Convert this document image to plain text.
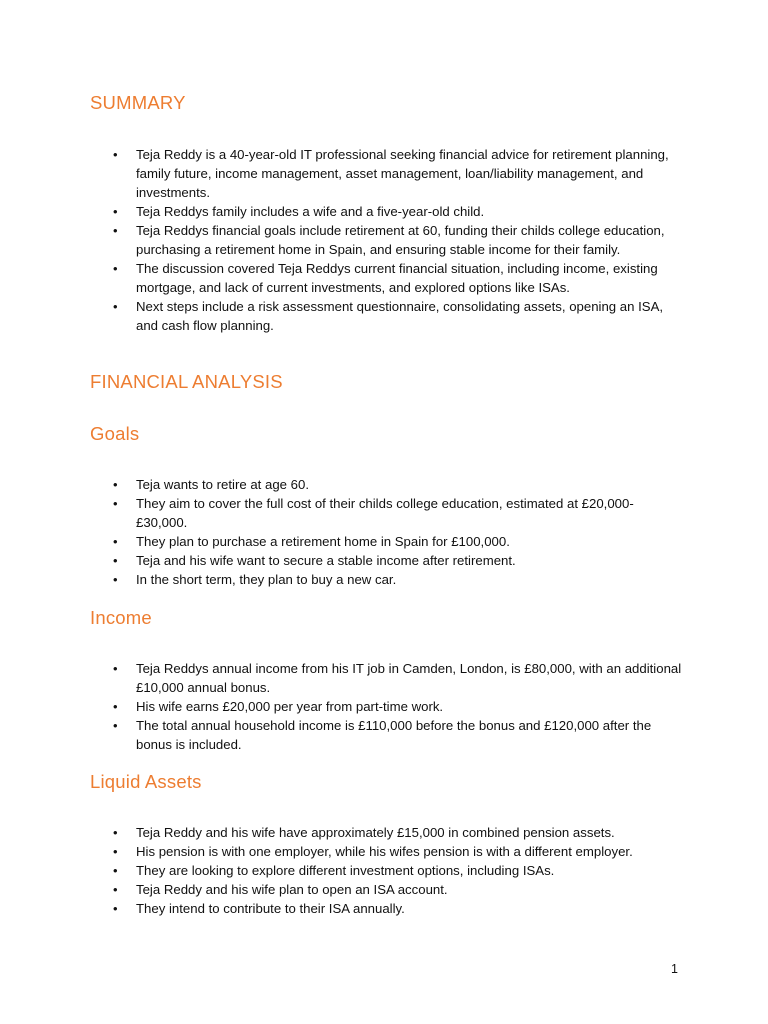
SUMMARY
• Teja Reddy is a 40-year-old IT professional seeking financial advice for retirement planning, family future, income management, asset management, loan/liability management, and investments.
• Teja Reddys family includes a wife and a five-year-old child.
• Teja Reddys financial goals include retirement at 60, funding their childs college education, purchasing a retirement home in Spain, and ensuring stable income for their family.
• The discussion covered Teja Reddys current financial situation, including income, existing mortgage, and lack of current investments, and explored options like ISAs.
• Next steps include a risk assessment questionnaire, consolidating assets, opening an ISA, and cash flow planning.
FINANCIAL ANALYSIS
Goals
• Teja wants to retire at age 60.
• They aim to cover the full cost of their childs college education, estimated at £20,000-£30,000.
• They plan to purchase a retirement home in Spain for £100,000.
• Teja and his wife want to secure a stable income after retirement.
• In the short term, they plan to buy a new car.
Income
• Teja Reddys annual income from his IT job in Camden, London, is £80,000, with an additional £10,000 annual bonus.
• His wife earns £20,000 per year from part-time work.
• The total annual household income is £110,000 before the bonus and £120,000 after the bonus is included.
Liquid Assets
• Teja Reddy and his wife have approximately £15,000 in combined pension assets.
• His pension is with one employer, while his wifes pension is with a different employer.
• They are looking to explore different investment options, including ISAs.
• Teja Reddy and his wife plan to open an ISA account.
• They intend to contribute to their ISA annually.
1
